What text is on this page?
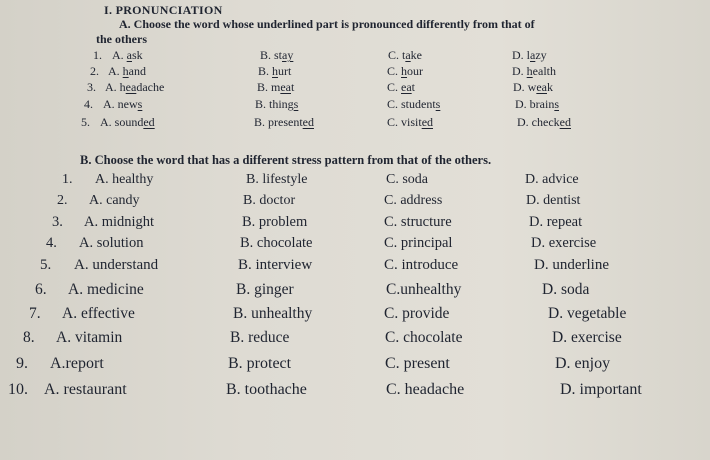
I. PRONUNCIATION
A. Choose the word whose underlined part is pronounced differently from that of
the others
1. A. ask	B. stay	C. take	D. lazy
2. A. hand	B. hurt	C. hour	D. health
3. A. headache	B. meat	C. eat	D. weak
4. A. news	B. things	C. students	D. brains
5. A. sounded	B. presented	C. visited	D. checked
B. Choose the word that has a different stress pattern from that of the others.
1. A. healthy	B. lifestyle	C. soda	D. advice
2. A. candy	B. doctor	C. address	D. dentist
3. A. midnight	B. problem	C. structure	D. repeat
4. A. solution	B. chocolate	C. principal	D. exercise
5. A. understand	B. interview	C. introduce	D. underline
6. A. medicine	B. ginger	C.unhealthy	D. soda
7. A. effective	B. unhealthy	C. provide	D. vegetable
8. A. vitamin	B. reduce	C. chocolate	D. exercise
9. A.report	B. protect	C. present	D. enjoy
10. A. restaurant	B. toothache	C. headache	D. important
